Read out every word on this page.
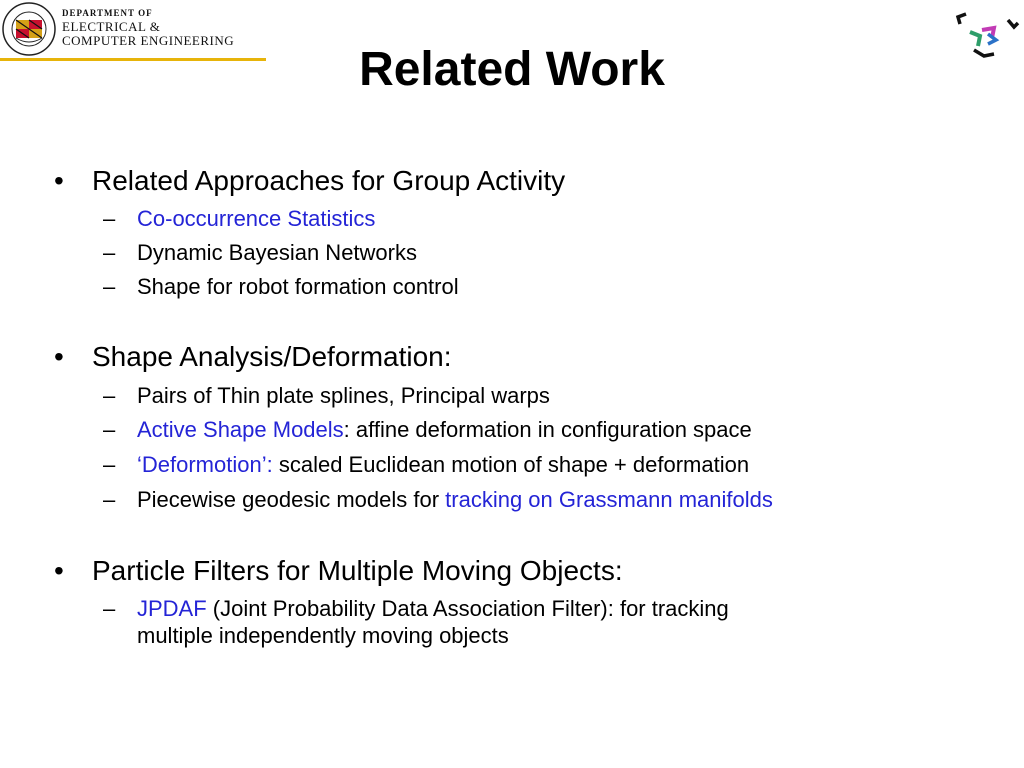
DEPARTMENT OF
ELECTRICAL &
COMPUTER ENGINEERING
Related Work
• Related Approaches for Group Activity
– Co-occurrence Statistics
– Dynamic Bayesian Networks
– Shape for robot formation control
• Shape Analysis/Deformation:
– Pairs of Thin plate splines, Principal warps
– Active Shape Models: affine deformation in configuration space
– ‘Deformotion’: scaled Euclidean motion of shape + deformation
– Piecewise geodesic models for tracking on Grassmann manifolds
• Particle Filters for Multiple Moving Objects:
– JPDAF (Joint Probability Data Association Filter): for tracking
multiple independently moving objects
